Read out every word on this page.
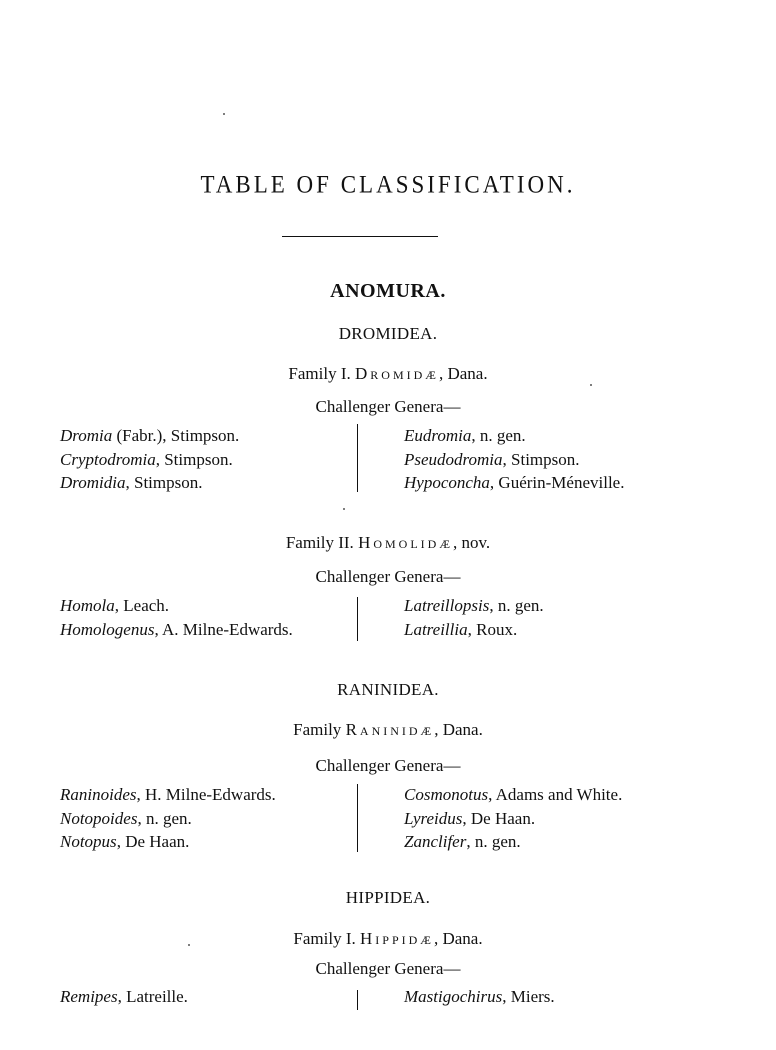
TABLE OF CLASSIFICATION.
ANOMURA.
DROMIDEA.
Family I. Dromidæ, Dana.
Challenger Genera—
Dromia (Fabr.), Stimpson.
Cryptodromia, Stimpson.
Dromidia, Stimpson.
Eudromia, n. gen.
Pseudodromia, Stimpson.
Hypoconcha, Guérin-Méneville.
Family II. Homolidæ, nov.
Challenger Genera—
Homola, Leach.
Homologenus, A. Milne-Edwards.
Latreillopsis, n. gen.
Latreillia, Roux.
RANINIDEA.
Family Raninidæ, Dana.
Challenger Genera—
Raninoides, H. Milne-Edwards.
Notopoides, n. gen.
Notopus, De Haan.
Cosmonotus, Adams and White.
Lyreidus, De Haan.
Zanclifer, n. gen.
HIPPIDEA.
Family I. Hippidæ, Dana.
Challenger Genera—
Remipes, Latreille.	Mastigochirus, Miers.
